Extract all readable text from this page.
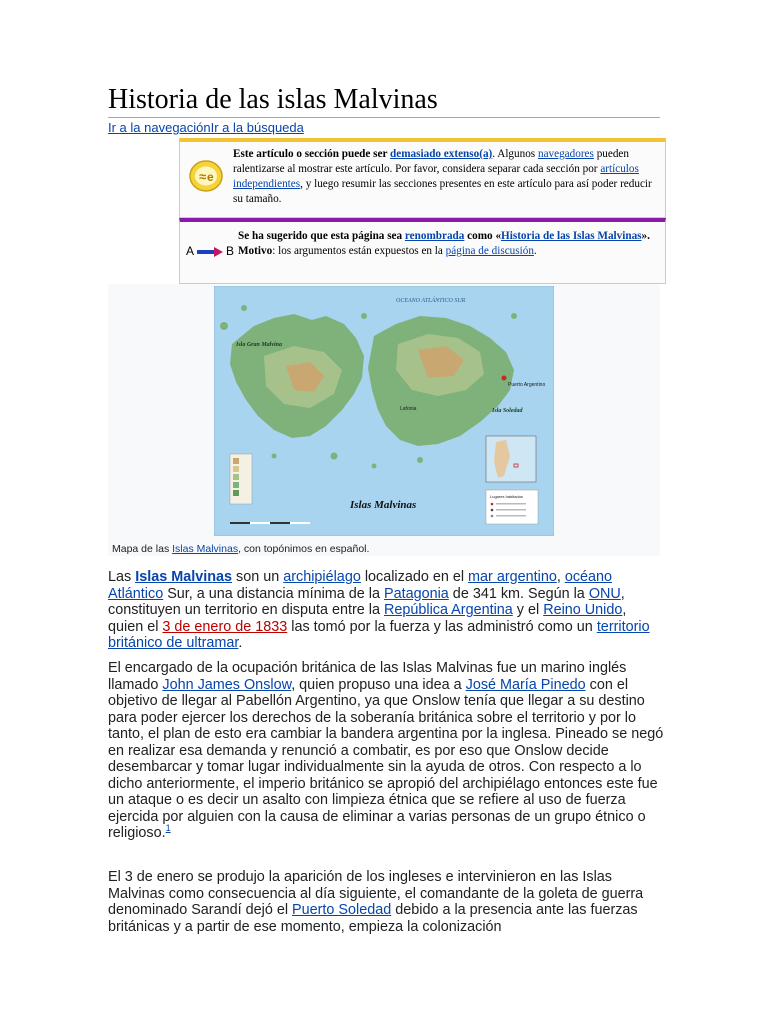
Historia de las islas Malvinas
Ir a la navegaciónIr a la búsqueda
≈ e
Este artículo o sección puede ser demasiado extenso(a). Algunos navegadores pueden ralentizarse al mostrar este artículo. Por favor, considera separar cada sección por artículos independientes, y luego resumir las secciones presentes en este artículo para así poder reducir su tamaño.
A	B
Se ha sugerido que esta página sea renombrada como «Historia de las Islas Malvinas».
Motivo: los argumentos están expuestos en la página de discusión.
OCEANO ATLÁNTICO SUR
Isla Gran Malvina
Isla Soledad
Puerto Argentino
Lafonia
Islas Malvinas
Lugares habitados
Mapa de las Islas Malvinas, con topónimos en español.

Las Islas Malvinas son un archipiélago localizado en el mar argentino, océano Atlántico Sur, a una distancia mínima de la Patagonia de 341 km. Según la ONU, constituyen un territorio en disputa entre la República Argentina y el Reino Unido, quien el 3 de enero de 1833 las tomó por la fuerza y las administró como un territorio británico de ultramar.

El encargado de la ocupación británica de las Islas Malvinas fue un marino inglés llamado John James Onslow, quien propuso una idea a José María Pinedo con el objetivo de llegar al Pabellón Argentino, ya que Onslow tenía que llegar a su destino para poder ejercer los derechos de la soberanía británica sobre el territorio y por lo tanto, el plan de esto era cambiar la bandera argentina por la inglesa. Pineado se negó en realizar esa demanda y renunció a combatir, es por eso que Onslow decide desembarcar y tomar lugar individualmente sin la ayuda de otros. Con respecto a lo dicho anteriormente, el imperio británico se apropió del archipiélago entonces este fue un ataque o es decir un asalto con limpieza étnica que se refiere al uso de fuerza ejercida por alguien con la causa de eliminar a varias personas de un grupo étnico o religioso.$^1$

El 3 de enero se produjo la aparición de los ingleses e intervinieron en las Islas Malvinas como consecuencia al día siguiente, el comandante de la goleta de guerra denominado Sarandí dejó el Puerto Soledad debido a la presencia ante las fuerzas británicas y a partir de ese momento, empieza la colonización
